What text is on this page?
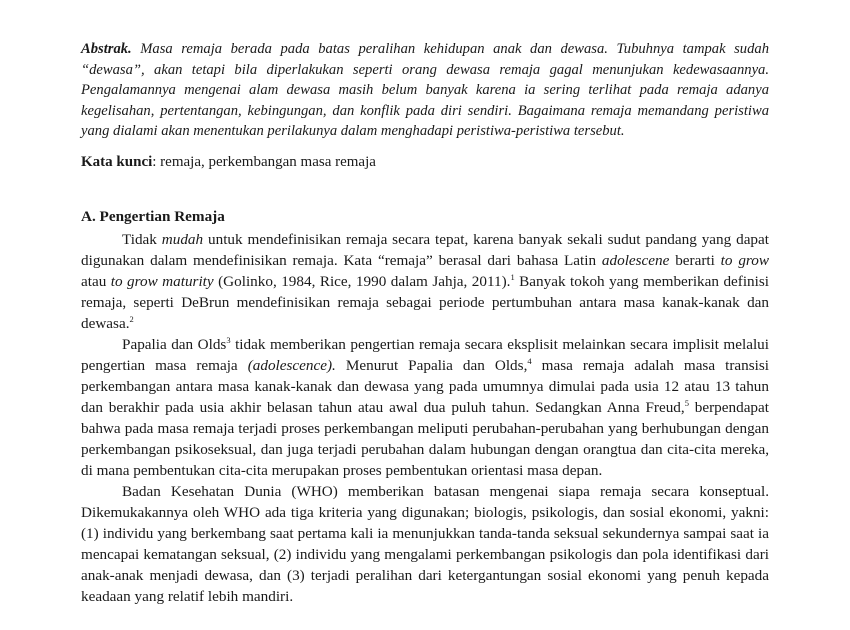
Abstrak. Masa remaja berada pada batas peralihan kehidupan anak dan dewasa. Tubuhnya tampak sudah “dewasa”, akan tetapi bila diperlakukan seperti orang dewasa remaja gagal menunjukan kedewasaannya. Pengalamannya mengenai alam dewasa masih belum banyak karena ia sering terlihat pada remaja adanya kegelisahan, pertentangan, kebingungan, dan konflik pada diri sendiri. Bagaimana remaja memandang peristiwa yang dialami akan menentukan perilakunya dalam menghadapi peristiwa-peristiwa tersebut.

Kata kunci: remaja, perkembangan masa remaja

A. Pengertian Remaja

Tidak mudah untuk mendefinisikan remaja secara tepat, karena banyak sekali sudut pandang yang dapat digunakan dalam mendefinisikan remaja. Kata “remaja” berasal dari bahasa Latin adolescene berarti to grow atau to grow maturity (Golinko, 1984, Rice, 1990 dalam Jahja, 2011).$^1$ Banyak tokoh yang memberikan definisi remaja, seperti DeBrun mendefinisikan remaja sebagai periode pertumbuhan antara masa kanak-kanak dan dewasa.$^2$

Papalia dan Olds$^3$ tidak memberikan pengertian remaja secara eksplisit melainkan secara implisit melalui pengertian masa remaja (adolescence). Menurut Papalia dan Olds,$^4$ masa remaja adalah masa transisi perkembangan antara masa kanak-kanak dan dewasa yang pada umumnya dimulai pada usia 12 atau 13 tahun dan berakhir pada usia akhir belasan tahun atau awal dua puluh tahun. Sedangkan Anna Freud,$^5$ berpendapat bahwa pada masa remaja terjadi proses perkembangan meliputi perubahan-perubahan yang berhubungan dengan perkembangan psikoseksual, dan juga terjadi perubahan dalam hubungan dengan orangtua dan cita-cita mereka, di mana pembentukan cita-cita merupakan proses pembentukan orientasi masa depan.

Badan Kesehatan Dunia (WHO) memberikan batasan mengenai siapa remaja secara konseptual. Dikemukakannya oleh WHO ada tiga kriteria yang digunakan; biologis, psikologis, dan sosial ekonomi, yakni: (1) individu yang berkembang saat pertama kali ia menunjukkan tanda-tanda seksual sekundernya sampai saat ia mencapai kematangan seksual, (2) individu yang mengalami perkembangan psikologis dan pola identifikasi dari anak-anak menjadi dewasa, dan (3) terjadi peralihan dari ketergantungan sosial ekonomi yang penuh kepada keadaan yang relatif lebih mandiri.
